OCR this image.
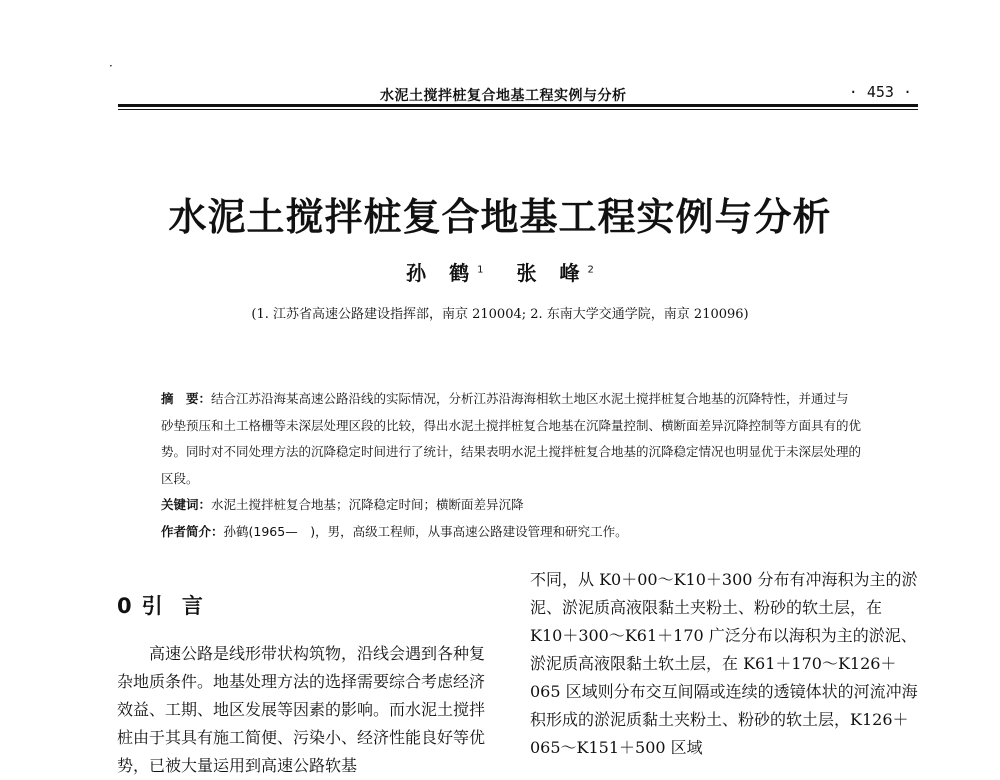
·
水泥土搅拌桩复合地基工程实例与分析	· 453 ·
水泥土搅拌桩复合地基工程实例与分析
孙 鹤$^1$ 张 峰$^2$
(1. 江苏省高速公路建设指挥部，南京 210004; 2. 东南大学交通学院，南京 210096)

摘　要：结合江苏沿海某高速公路沿线的实际情况，分析江苏沿海海相软土地区水泥土搅拌桩复合地基的沉降特性，并通过与砂垫预压和土工格栅等未深层处理区段的比较，得出水泥土搅拌桩复合地基在沉降量控制、横断面差异沉降控制等方面具有的优势。同时对不同处理方法的沉降稳定时间进行了统计，结果表明水泥土搅拌桩复合地基的沉降稳定情况也明显优于未深层处理的区段。

关键词：水泥土搅拌桩复合地基；沉降稳定时间；横断面差异沉降

作者简介：孙鹤(1965—　)，男，高级工程师，从事高速公路建设管理和研究工作。

0 引 言

高速公路是线形带状构筑物，沿线会遇到各种复杂地质条件。地基处理方法的选择需要综合考虑经济效益、工期、地区发展等因素的影响。而水泥土搅拌桩由于其具有施工简便、污染小、经济性能良好等优势，已被大量运用到高速公路软基

不同，从 K0＋00～K10＋300 分布有冲海积为主的淤泥、淤泥质高液限黏土夹粉土、粉砂的软土层，在 K10＋300～K61＋170 广泛分布以海积为主的淤泥、淤泥质高液限黏土软土层，在 K61＋170～K126＋065 区域则分布交互间隔或连续的透镜体状的河流冲海积形成的淤泥质黏土夹粉土、粉砂的软土层，K126＋065～K151＋500 区域
